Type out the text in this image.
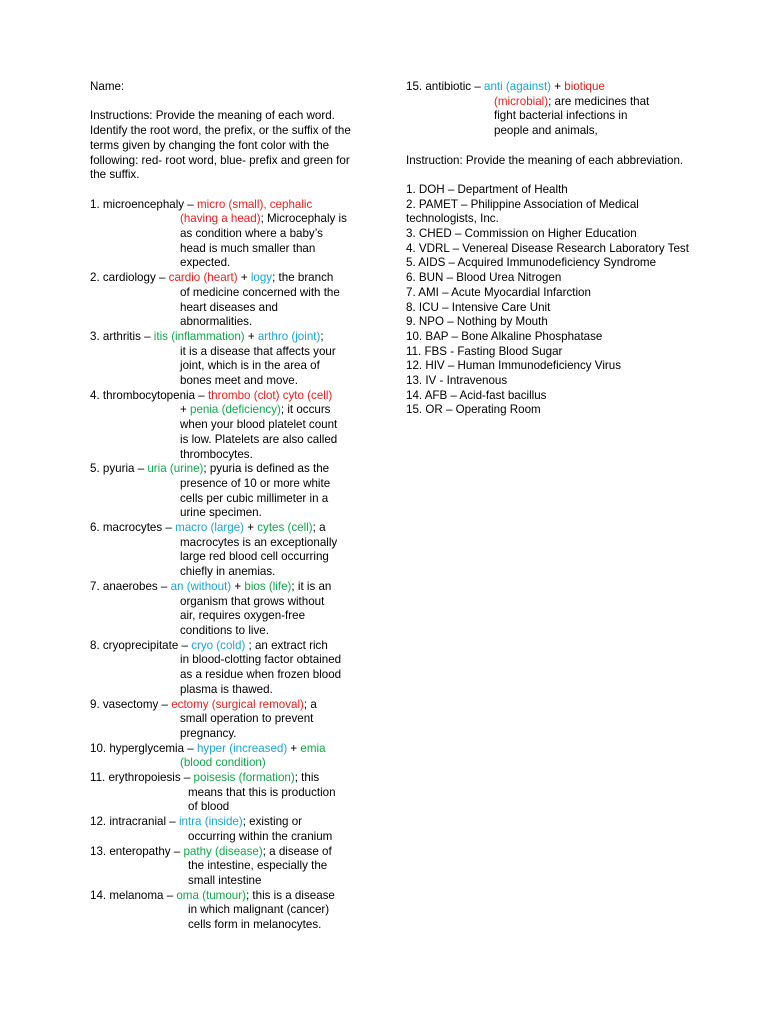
Name:

Instructions: Provide the meaning of each word. Identify the root word, the prefix, or the suffix of the terms given by changing the font color with the following: red- root word, blue- prefix and green for the suffix.

1. microencephaly – micro (small), cephalic
(having a head); Microcephaly is
as condition where a baby’s
head is much smaller than
expected.
2. cardiology – cardio (heart) + logy; the branch
of medicine concerned with the
heart diseases and
abnormalities.
3. arthritis – itis (inflammation) + arthro (joint);
it is a disease that affects your
joint, which is in the area of
bones meet and move.
4. thrombocytopenia – thrombo (clot) cyto (cell)
+ penia (deficiency); it occurs
when your blood platelet count
is low. Platelets are also called
thrombocytes.
5. pyuria – uria (urine); pyuria is defined as the
presence of 10 or more white
cells per cubic millimeter in a
urine specimen.
6. macrocytes – macro (large) + cytes (cell); a
macrocytes is an exceptionally
large red blood cell occurring
chiefly in anemias.
7. anaerobes – an (without) + bios (life); it is an
organism that grows without
air, requires oxygen-free
conditions to live.
8. cryoprecipitate – cryo (cold) ; an extract rich
in blood-clotting factor obtained
as a residue when frozen blood
plasma is thawed.
9. vasectomy – ectomy (surgical removal); a
small operation to prevent
pregnancy.
10. hyperglycemia – hyper (increased) + emia
(blood condition)
11. erythropoiesis – poisesis (formation); this
means that this is production
of blood
12. intracranial – intra (inside); existing or
occurring within the cranium
13. enteropathy – pathy (disease); a disease of
the intestine, especially the
small intestine
14. melanoma – oma (tumour); this is a disease
in which malignant (cancer)
cells form in melanocytes.
15. antibiotic – anti (against) + biotique
(microbial); are medicines that
fight bacterial infections in
people and animals,

Instruction: Provide the meaning of each abbreviation.

1. DOH – Department of Health
2. PAMET – Philippine Association of Medical technologists, Inc.
3. CHED – Commission on Higher Education
4. VDRL – Venereal Disease Research Laboratory Test
5. AIDS – Acquired Immunodeficiency Syndrome
6. BUN – Blood Urea Nitrogen
7. AMI – Acute Myocardial Infarction
8. ICU – Intensive Care Unit
9. NPO – Nothing by Mouth
10. BAP – Bone Alkaline Phosphatase
11. FBS - Fasting Blood Sugar
12. HIV – Human Immunodeficiency Virus
13. IV - Intravenous
14. AFB – Acid-fast bacillus
15. OR – Operating Room
